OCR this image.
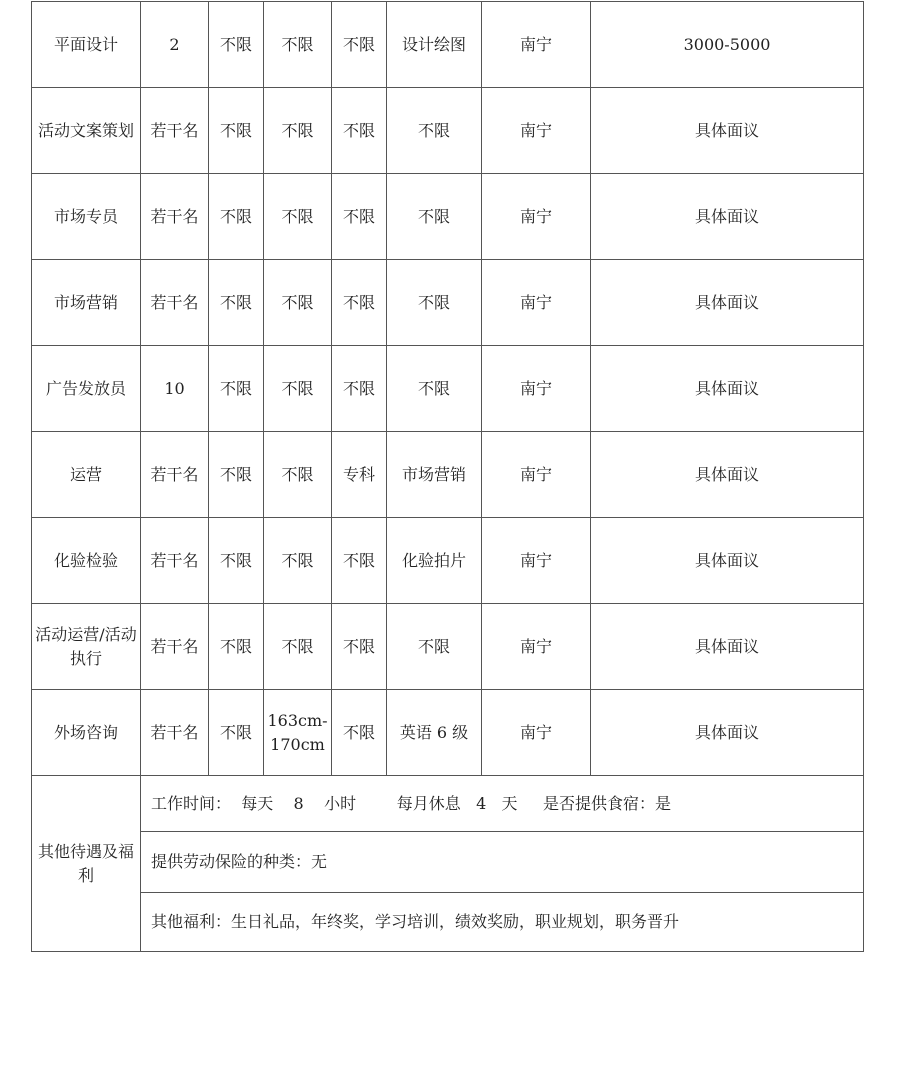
平面设计	2	不限	不限	不限	设计绘图	南宁	3000-5000
活动文案策划	若干名	不限	不限	不限	不限	南宁	具体面议
市场专员	若干名	不限	不限	不限	不限	南宁	具体面议
市场营销	若干名	不限	不限	不限	不限	南宁	具体面议
广告发放员	10	不限	不限	不限	不限	南宁	具体面议
运营	若干名	不限	不限	专科	市场营销	南宁	具体面议
化验检验	若干名	不限	不限	不限	化验拍片	南宁	具体面议
活动运营/活动执行	若干名	不限	不限	不限	不限	南宁	具体面议
外场咨询	若干名	不限	163cm-170cm	不限	英语 6 级	南宁	具体面议
其他待遇及福利	工作时间： 每天 8 小时 每月休息 4 天 是否提供食宿：是						
	提供劳动保险的种类：无						
	其他福利：生日礼品，年终奖，学习培训，绩效奖励，职业规划，职务晋升						
